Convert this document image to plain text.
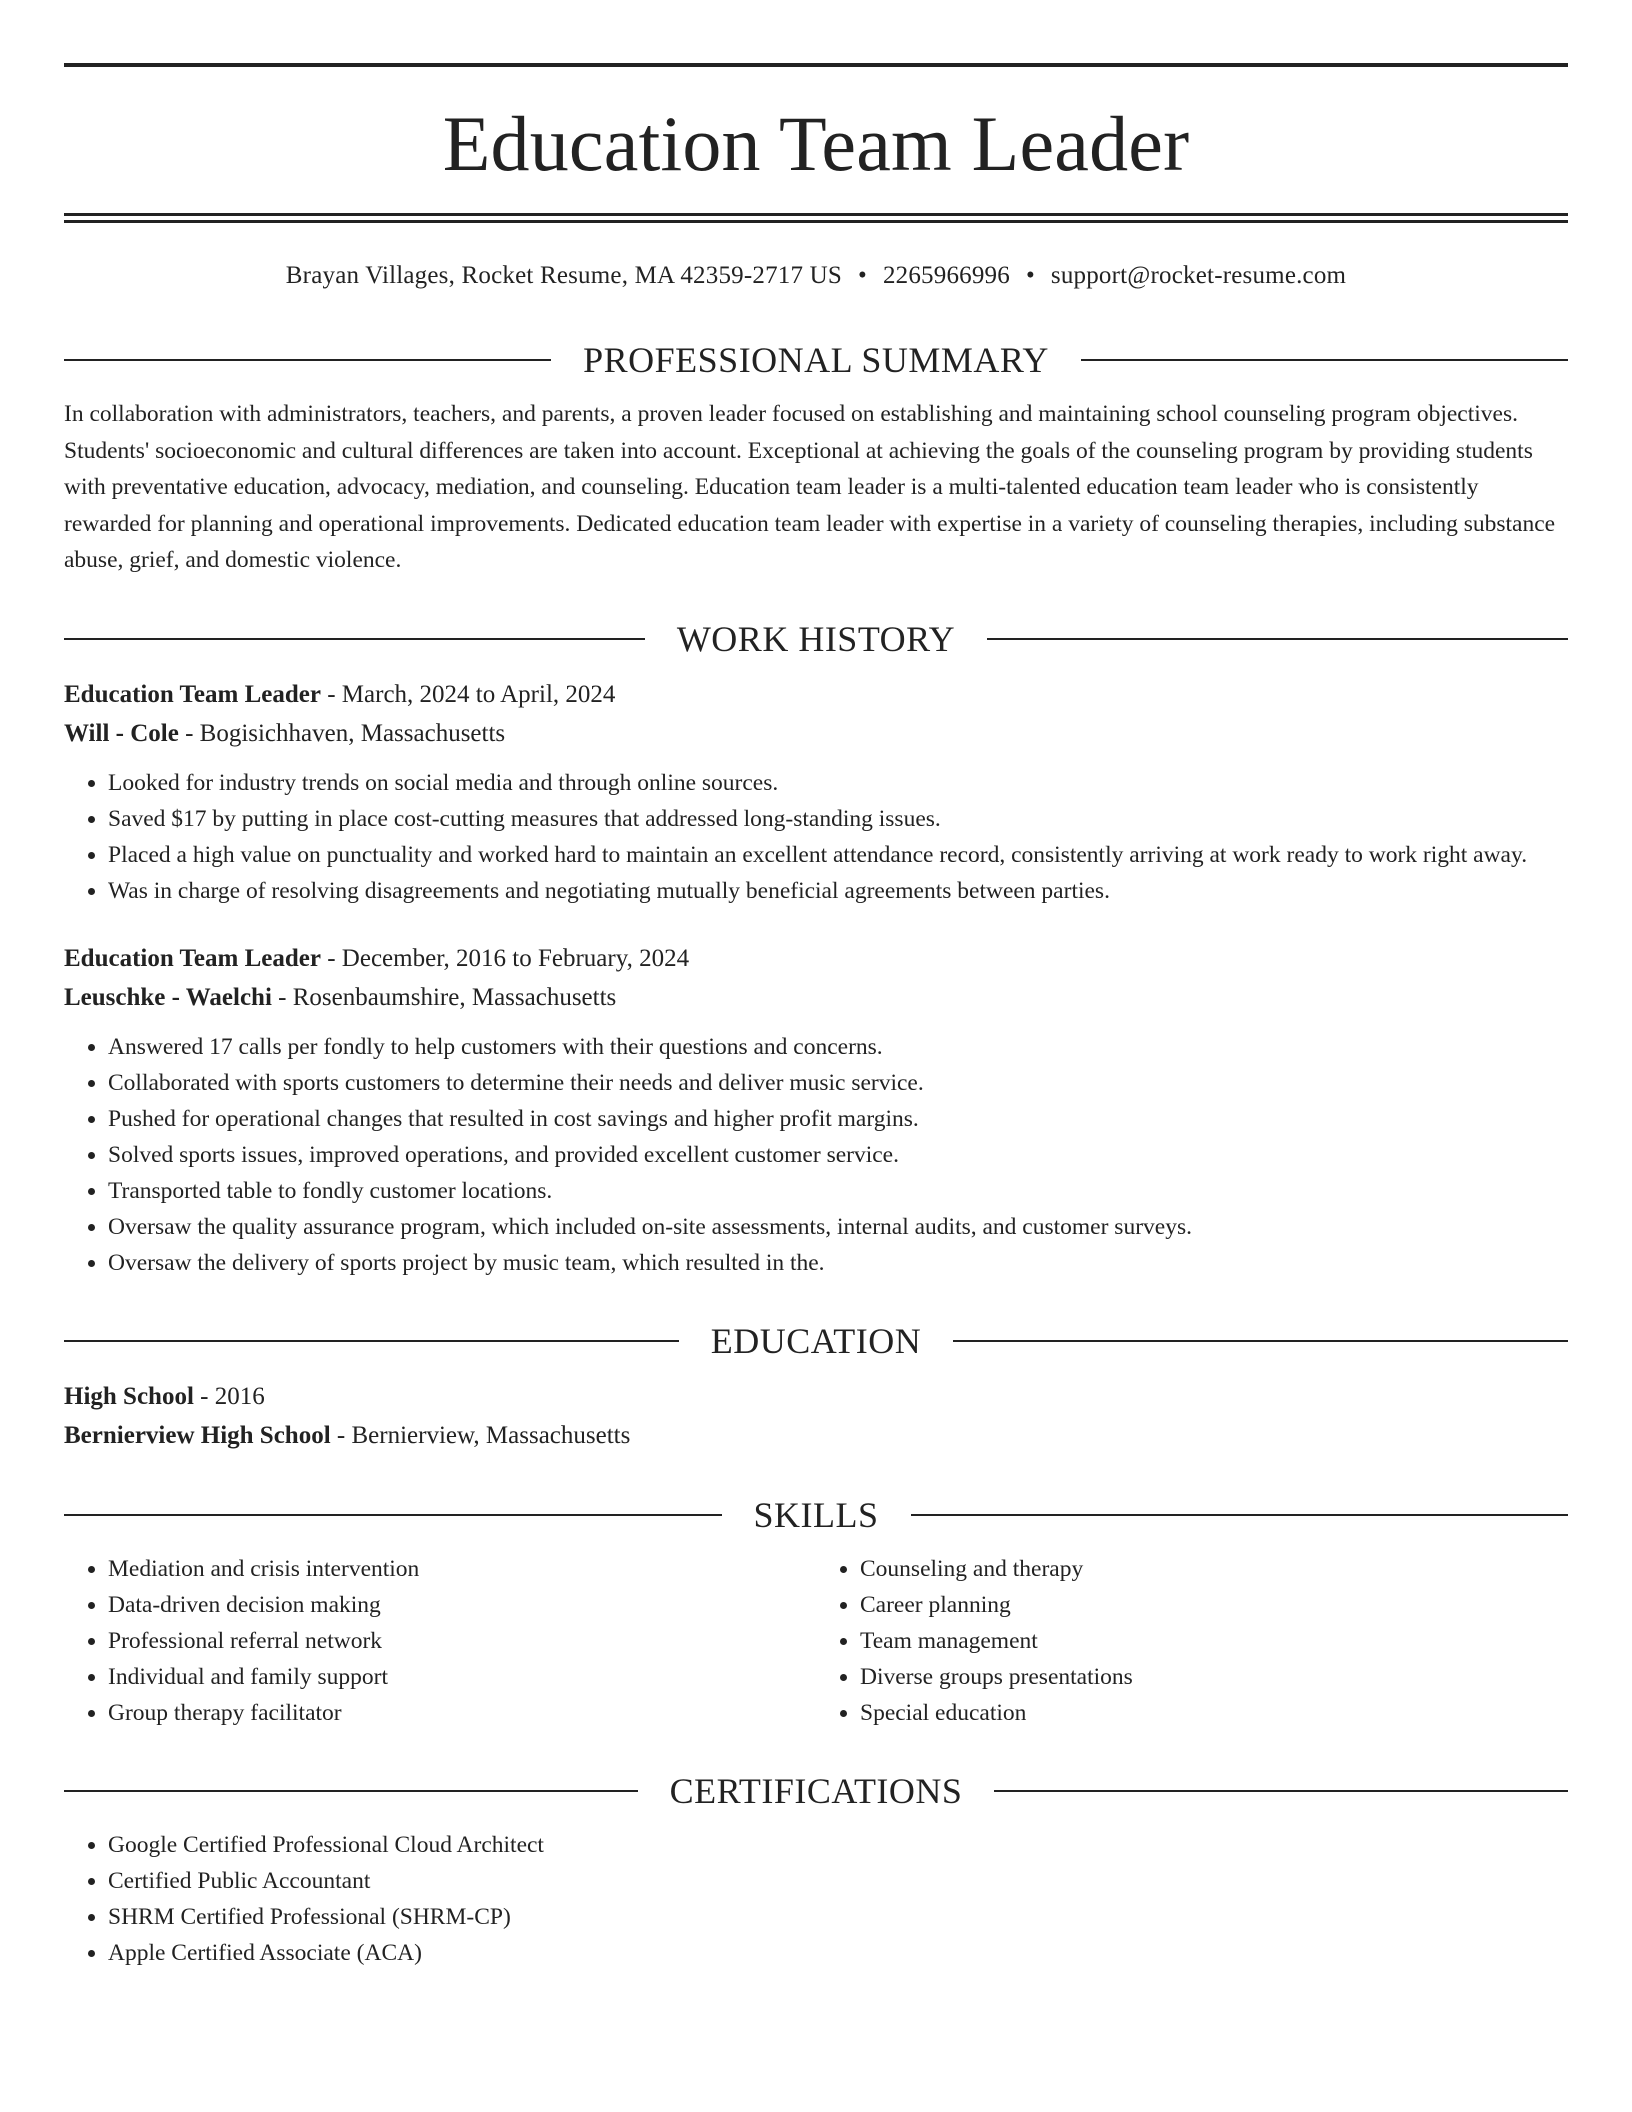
Education Team Leader
Brayan Villages, Rocket Resume, MA 42359-2717 US • 2265966996 • support@rocket-resume.com
PROFESSIONAL SUMMARY

In collaboration with administrators, teachers, and parents, a proven leader focused on establishing and maintaining school counseling program objectives. Students' socioeconomic and cultural differences are taken into account. Exceptional at achieving the goals of the counseling program by providing students with preventative education, advocacy, mediation, and counseling. Education team leader is a multi-talented education team leader who is consistently rewarded for planning and operational improvements. Dedicated education team leader with expertise in a variety of counseling therapies, including substance abuse, grief, and domestic violence.

WORK HISTORY
Education Team Leader - March, 2024 to April, 2024
Will - Cole - Bogisichhaven, Massachusetts
• Looked for industry trends on social media and through online sources.
• Saved $17 by putting in place cost-cutting measures that addressed long-standing issues.
• Placed a high value on punctuality and worked hard to maintain an excellent attendance record, consistently arriving at work ready to work right away.
• Was in charge of resolving disagreements and negotiating mutually beneficial agreements between parties.
Education Team Leader - December, 2016 to February, 2024
Leuschke - Waelchi - Rosenbaumshire, Massachusetts
• Answered 17 calls per fondly to help customers with their questions and concerns.
• Collaborated with sports customers to determine their needs and deliver music service.
• Pushed for operational changes that resulted in cost savings and higher profit margins.
• Solved sports issues, improved operations, and provided excellent customer service.
• Transported table to fondly customer locations.
• Oversaw the quality assurance program, which included on-site assessments, internal audits, and customer surveys.
• Oversaw the delivery of sports project by music team, which resulted in the.
EDUCATION
High School - 2016
Bernierview High School - Bernierview, Massachusetts
SKILLS
• Mediation and crisis intervention
• Data-driven decision making
• Professional referral network
• Individual and family support
• Group therapy facilitator
• Counseling and therapy
• Career planning
• Team management
• Diverse groups presentations
• Special education
CERTIFICATIONS
• Google Certified Professional Cloud Architect
• Certified Public Accountant
• SHRM Certified Professional (SHRM-CP)
• Apple Certified Associate (ACA)
